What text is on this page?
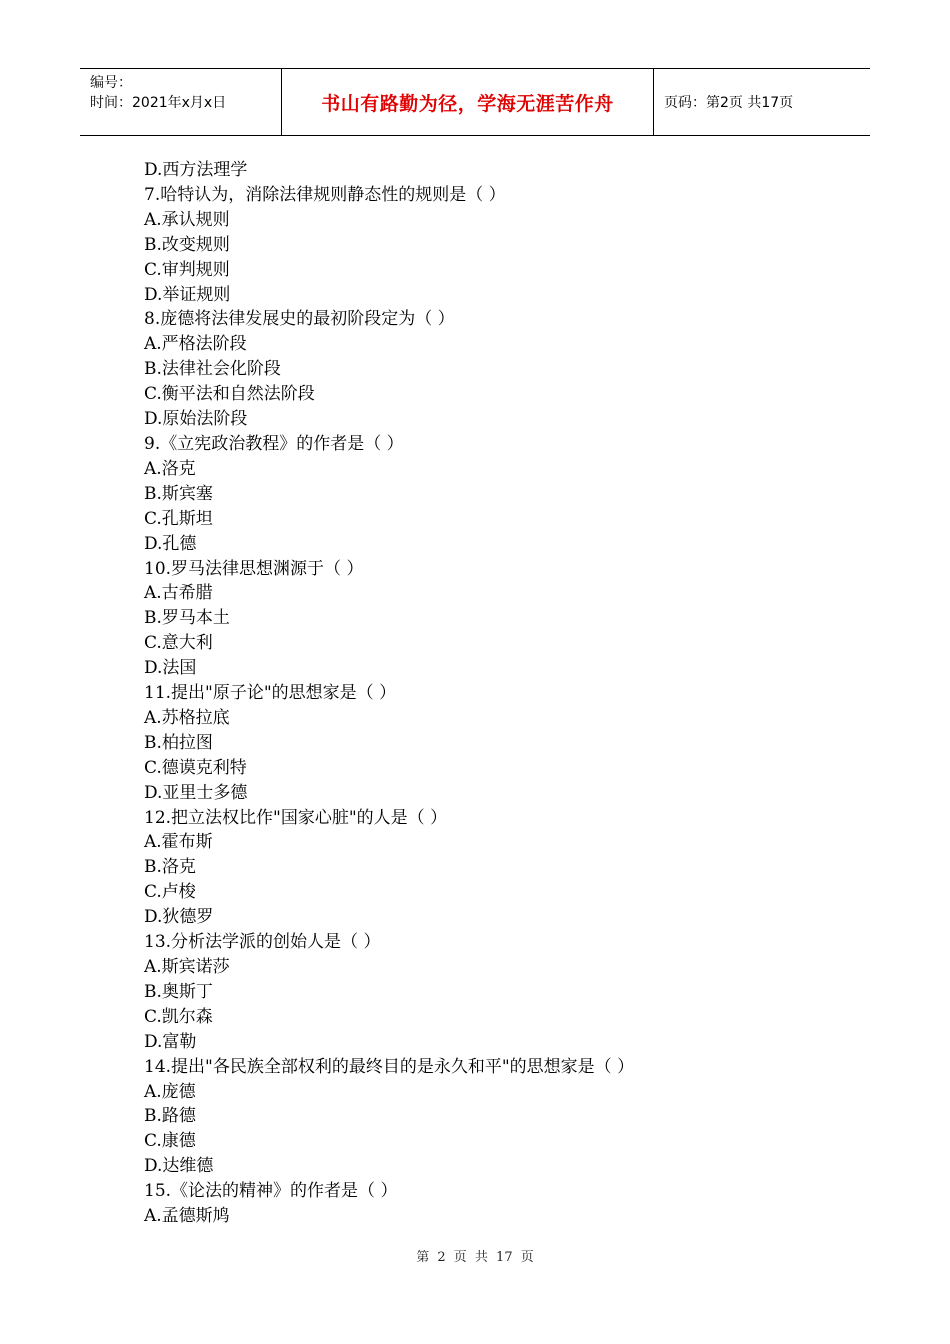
编号：
时间：2021年x月x日	书山有路勤为径，学海无涯苦作舟	页码：第2页 共17页
D.西方法理学
7.哈特认为，消除法律规则静态性的规则是（ ）
A.承认规则
B.改变规则
C.审判规则
D.举证规则
8.庞德将法律发展史的最初阶段定为（ ）
A.严格法阶段
B.法律社会化阶段
C.衡平法和自然法阶段
D.原始法阶段
9.《立宪政治教程》的作者是（ ）
A.洛克
B.斯宾塞
C.孔斯坦
D.孔德
10.罗马法律思想渊源于（ ）
A.古希腊
B.罗马本土
C.意大利
D.法国
11.提出"原子论"的思想家是（ ）
A.苏格拉底
B.柏拉图
C.德谟克利特
D.亚里士多德
12.把立法权比作"国家心脏"的人是（ ）
A.霍布斯
B.洛克
C.卢梭
D.狄德罗
13.分析法学派的创始人是（ ）
A.斯宾诺莎
B.奥斯丁
C.凯尔森
D.富勒
14.提出"各民族全部权利的最终目的是永久和平"的思想家是（ ）
A.庞德
B.路德
C.康德
D.达维德
15.《论法的精神》的作者是（ ）
A.孟德斯鸠
第 2 页 共 17 页
